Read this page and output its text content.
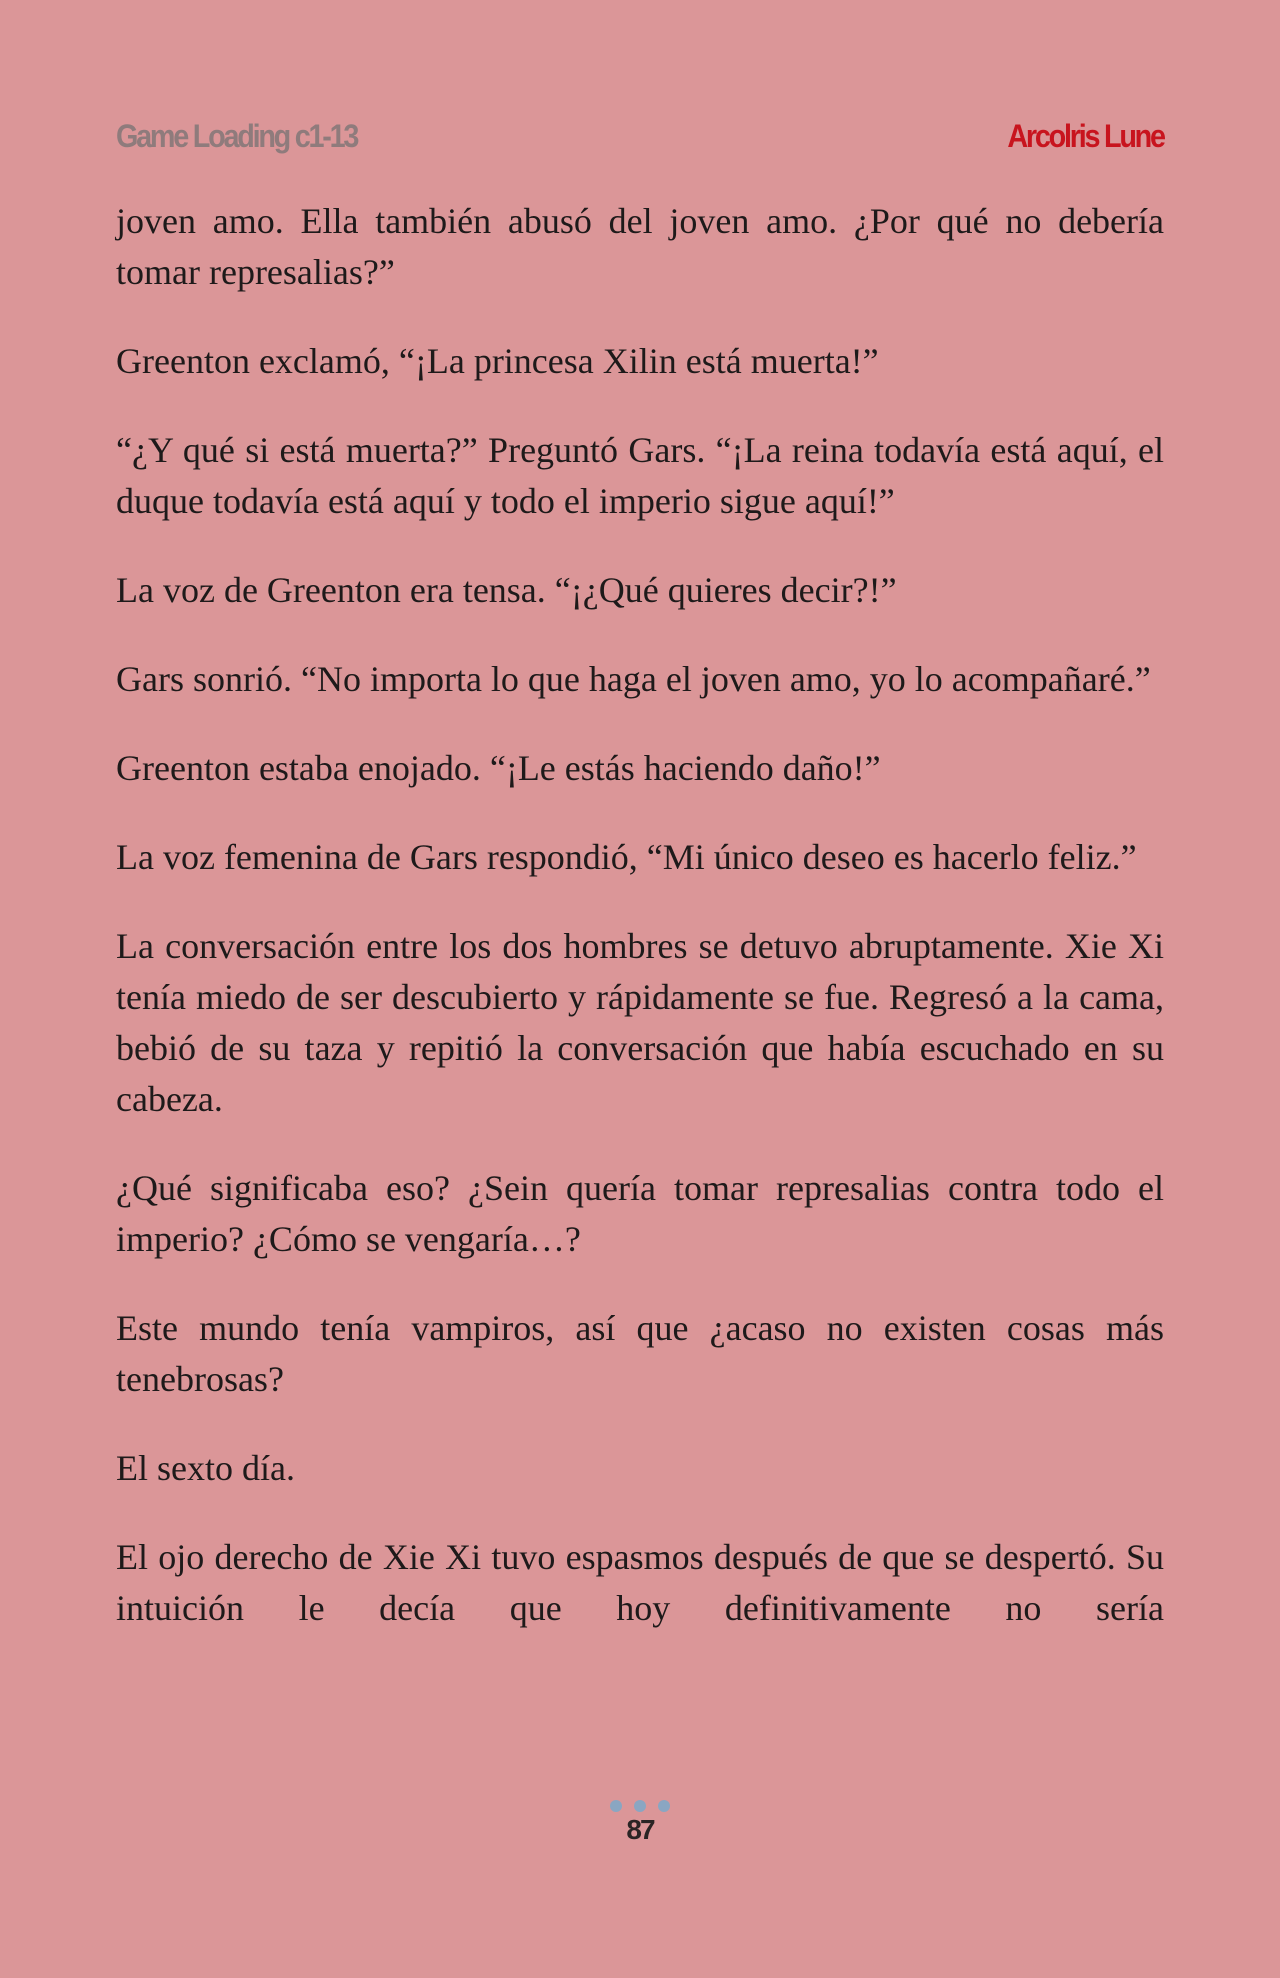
Game Loading c1-13	Arcolris Lune

joven amo. Ella también abusó del joven amo. ¿Por qué no debería tomar represalias?”

Greenton exclamó, “¡La princesa Xilin está muerta!”

“¿Y qué si está muerta?” Preguntó Gars. “¡La reina todavía está aquí, el duque todavía está aquí y todo el imperio sigue aquí!”

La voz de Greenton era tensa. “¡¿Qué quieres decir?!”

Gars sonrió. “No importa lo que haga el joven amo, yo lo acompañaré.”

Greenton estaba enojado. “¡Le estás haciendo daño!”

La voz femenina de Gars respondió, “Mi único deseo es hacerlo feliz.”

La conversación entre los dos hombres se detuvo abruptamente. Xie Xi tenía miedo de ser descubierto y rápidamente se fue. Regresó a la cama, bebió de su taza y repitió la conversación que había escuchado en su cabeza.

¿Qué significaba eso? ¿Sein quería tomar represalias contra todo el imperio? ¿Cómo se vengaría…?

Este mundo tenía vampiros, así que ¿acaso no existen cosas más tenebrosas?

El sexto día.

El ojo derecho de Xie Xi tuvo espasmos después de que se despertó. Su intuición le decía que hoy definitivamente no sería

87
